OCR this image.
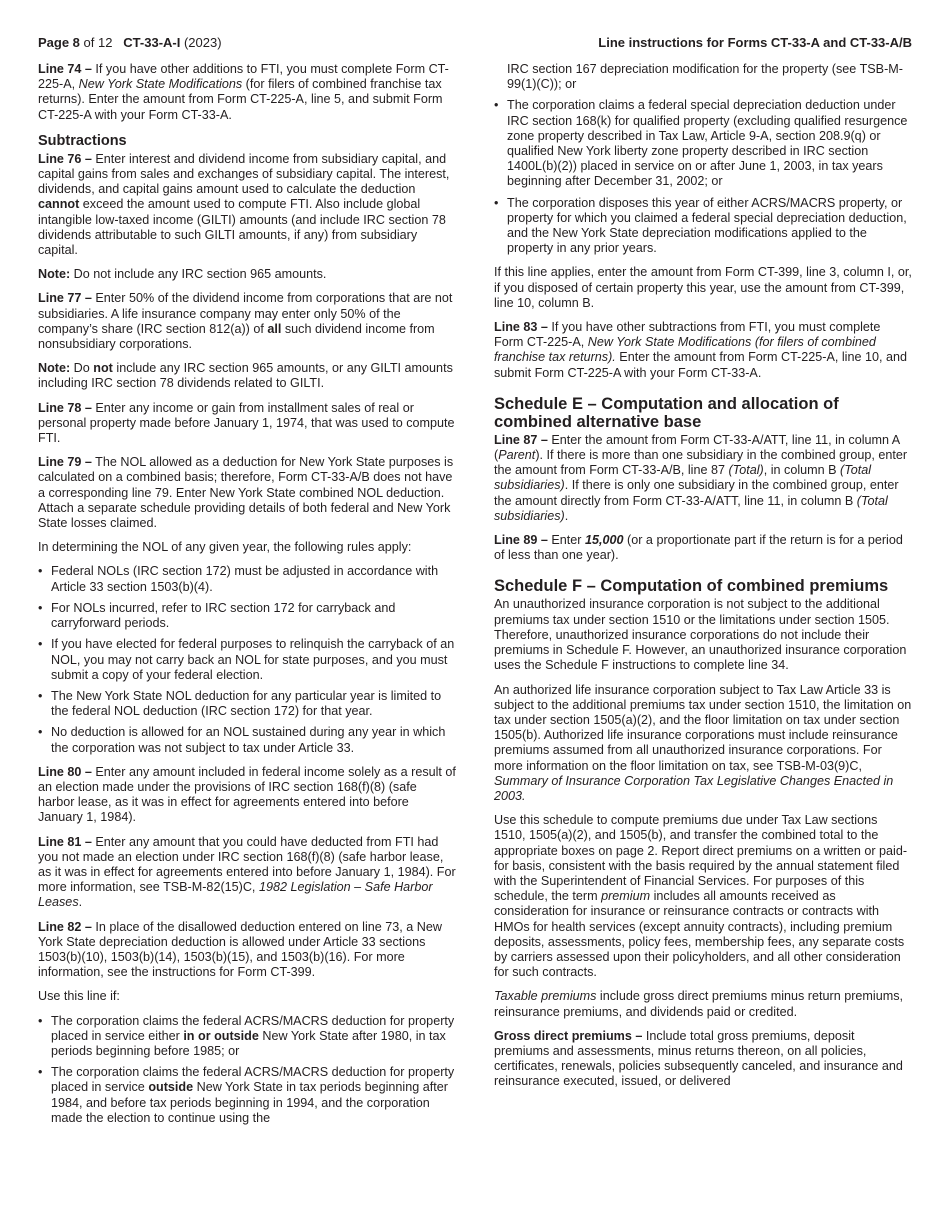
Page 8 of 12 CT-33-A-I (2023)	Line instructions for Forms CT-33-A and CT-33-A/B

Line 74 – If you have other additions to FTI, you must complete Form CT-225-A, New York State Modifications (for filers of combined franchise tax returns). Enter the amount from Form CT-225-A, line 5, and submit Form CT-225-A with your Form CT-33-A.

Subtractions

Line 76 – Enter interest and dividend income from subsidiary capital, and capital gains from sales and exchanges of subsidiary capital. The interest, dividends, and capital gains amount used to calculate the deduction cannot exceed the amount used to compute FTI. Also include global intangible low-taxed income (GILTI) amounts (and include IRC section 78 dividends attributable to such GILTI amounts, if any) from subsidiary capital.

Note: Do not include any IRC section 965 amounts.

Line 77 – Enter 50% of the dividend income from corporations that are not subsidiaries. A life insurance company may enter only 50% of the company’s share (IRC section 812(a)) of all such dividend income from nonsubsidiary corporations.

Note: Do not include any IRC section 965 amounts, or any GILTI amounts including IRC section 78 dividends related to GILTI.

Line 78 – Enter any income or gain from installment sales of real or personal property made before January 1, 1974, that was used to compute FTI.

Line 79 – The NOL allowed as a deduction for New York State purposes is calculated on a combined basis; therefore, Form CT-33-A/B does not have a corresponding line 79. Enter New York State combined NOL deduction. Attach a separate schedule providing details of both federal and New York State losses claimed.

In determining the NOL of any given year, the following rules apply:

• Federal NOLs (IRC section 172) must be adjusted in accordance with Article 33 section 1503(b)(4).
• For NOLs incurred, refer to IRC section 172 for carryback and carryforward periods.
• If you have elected for federal purposes to relinquish the carryback of an NOL, you may not carry back an NOL for state purposes, and you must submit a copy of your federal election.
• The New York State NOL deduction for any particular year is limited to the federal NOL deduction (IRC section 172) for that year.
• No deduction is allowed for an NOL sustained during any year in which the corporation was not subject to tax under Article 33.

Line 80 – Enter any amount included in federal income solely as a result of an election made under the provisions of IRC section 168(f)(8) (safe harbor lease, as it was in effect for agreements entered into before January 1, 1984).

Line 81 – Enter any amount that you could have deducted from FTI had you not made an election under IRC section 168(f)(8) (safe harbor lease, as it was in effect for agreements entered into before January 1, 1984). For more information, see TSB-M-82(15)C, 1982 Legislation – Safe Harbor Leases.

Line 82 – In place of the disallowed deduction entered on line 73, a New York State depreciation deduction is allowed under Article 33 sections 1503(b)(10), 1503(b)(14), 1503(b)(15), and 1503(b)(16). For more information, see the instructions for Form CT-399.

Use this line if:

• The corporation claims the federal ACRS/MACRS deduction for property placed in service either in or outside New York State after 1980, in tax periods beginning before 1985; or
• The corporation claims the federal ACRS/MACRS deduction for property placed in service outside New York State in tax periods beginning after 1984, and before tax periods beginning in 1994, and the corporation made the election to continue using the
IRC section 167 depreciation modification for the property (see TSB-M-99(1)(C)); or
• The corporation claims a federal special depreciation deduction under IRC section 168(k) for qualified property (excluding qualified resurgence zone property described in Tax Law, Article 9-A, section 208.9(q) or qualified New York liberty zone property described in IRC section 1400L(b)(2)) placed in service on or after June 1, 2003, in tax years beginning after December 31, 2002; or
• The corporation disposes this year of either ACRS/MACRS property, or property for which you claimed a federal special depreciation deduction, and the New York State depreciation modifications applied to the property in any prior years.

If this line applies, enter the amount from Form CT-399, line 3, column I, or, if you disposed of certain property this year, use the amount from CT-399, line 10, column B.

Line 83 – If you have other subtractions from FTI, you must complete Form CT-225-A, New York State Modifications (for filers of combined franchise tax returns). Enter the amount from Form CT-225-A, line 10, and submit Form CT-225-A with your Form CT-33-A.

Schedule E – Computation and allocation of combined alternative base

Line 87 – Enter the amount from Form CT-33-A/ATT, line 11, in column A (Parent). If there is more than one subsidiary in the combined group, enter the amount from Form CT-33-A/B, line 87 (Total), in column B (Total subsidiaries). If there is only one subsidiary in the combined group, enter the amount directly from Form CT-33-A/ATT, line 11, in column B (Total subsidiaries).

Line 89 – Enter 15,000 (or a proportionate part if the return is for a period of less than one year).

Schedule F – Computation of combined premiums

An unauthorized insurance corporation is not subject to the additional premiums tax under section 1510 or the limitations under section 1505. Therefore, unauthorized insurance corporations do not include their premiums in Schedule F. However, an unauthorized insurance corporation uses the Schedule F instructions to complete line 34.

An authorized life insurance corporation subject to Tax Law Article 33 is subject to the additional premiums tax under section 1510, the limitation on tax under section 1505(a)(2), and the floor limitation on tax under section 1505(b). Authorized life insurance corporations must include reinsurance premiums assumed from all unauthorized insurance corporations. For more information on the floor limitation on tax, see TSB-M-03(9)C, Summary of Insurance Corporation Tax Legislative Changes Enacted in 2003.

Use this schedule to compute premiums due under Tax Law sections 1510, 1505(a)(2), and 1505(b), and transfer the combined total to the appropriate boxes on page 2. Report direct premiums on a written or paid-for basis, consistent with the basis required by the annual statement filed with the Superintendent of Financial Services. For purposes of this schedule, the term premium includes all amounts received as consideration for insurance or reinsurance contracts or contracts with HMOs for health services (except annuity contracts), including premium deposits, assessments, policy fees, membership fees, any separate costs by carriers assessed upon their policyholders, and all other consideration for such contracts.

Taxable premiums include gross direct premiums minus return premiums, reinsurance premiums, and dividends paid or credited.

Gross direct premiums – Include total gross premiums, deposit premiums and assessments, minus returns thereon, on all policies, certificates, renewals, policies subsequently canceled, and insurance and reinsurance executed, issued, or delivered
